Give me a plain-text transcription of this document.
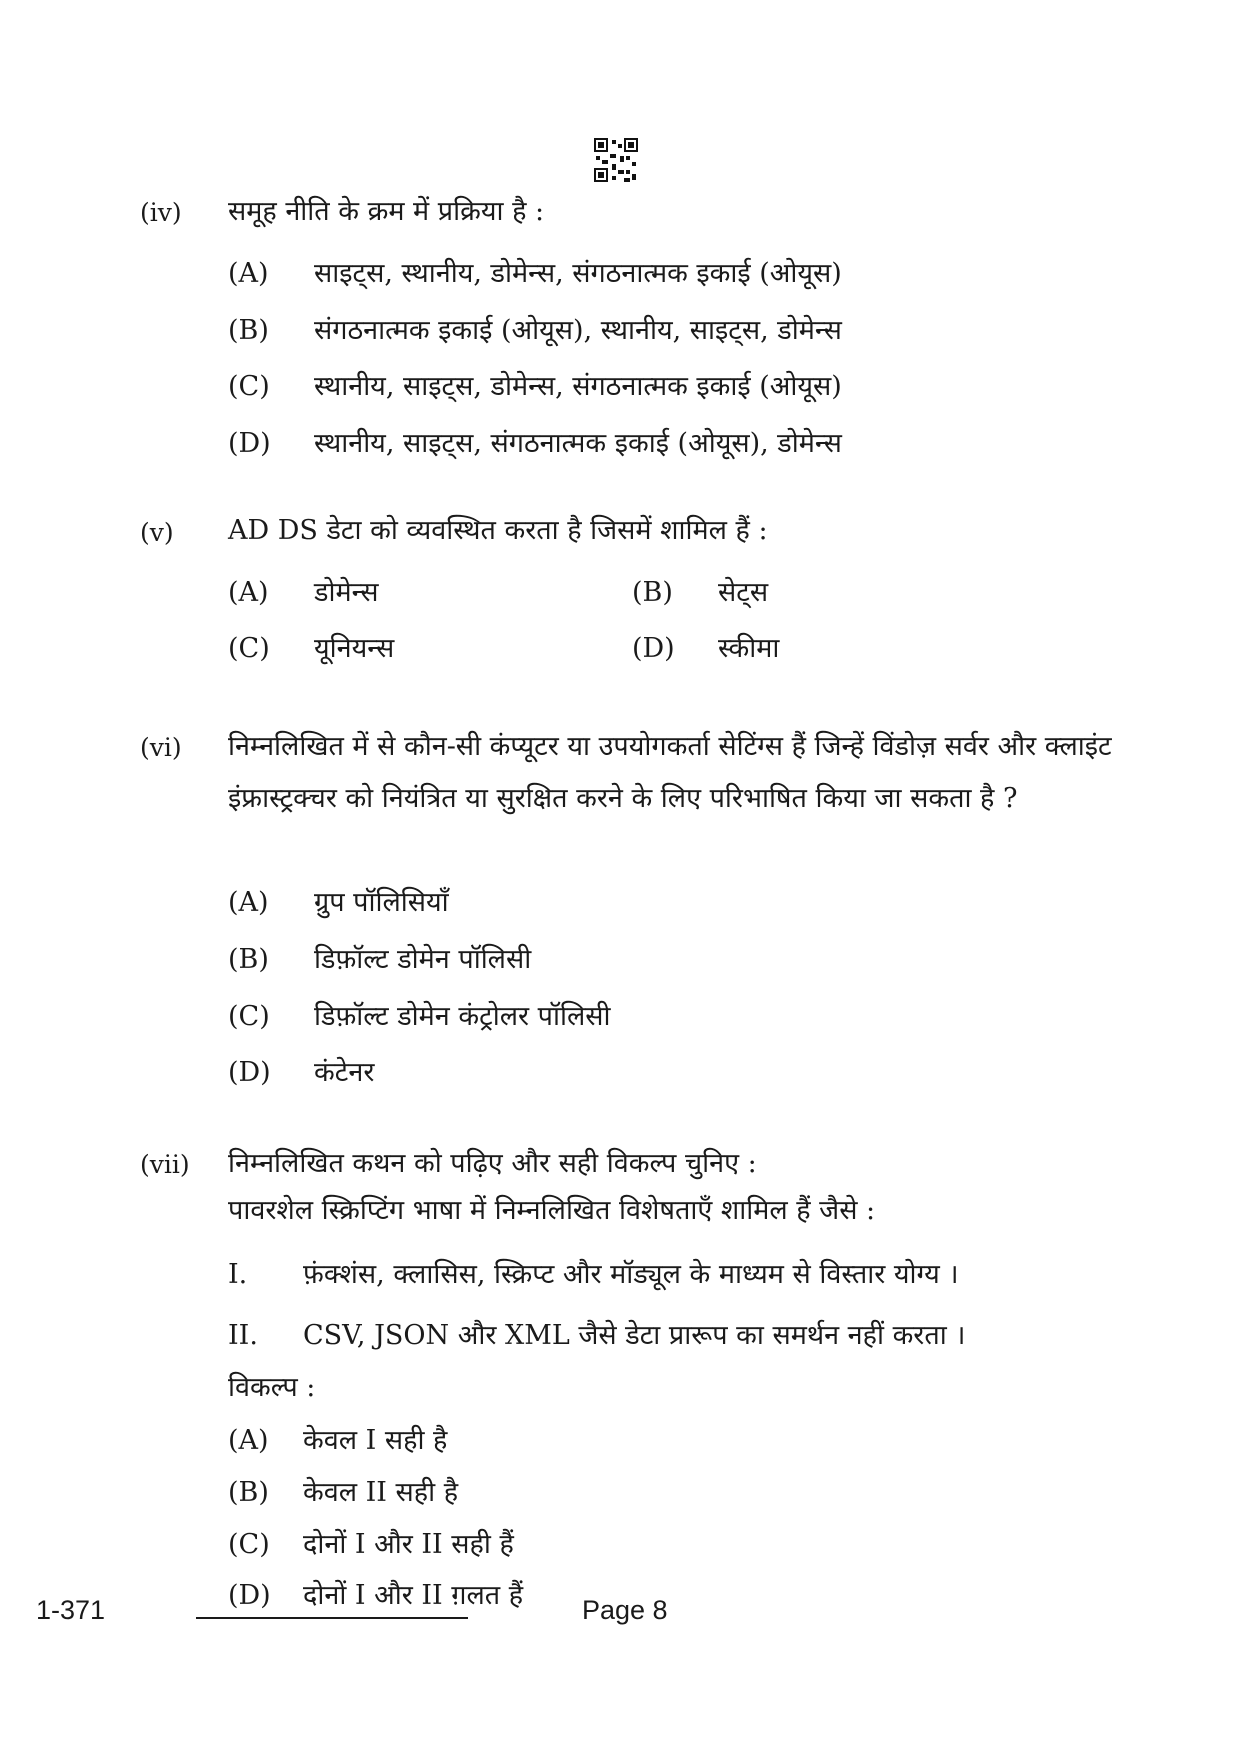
(iv) समूह नीति के क्रम में प्रक्रिया है :
(A) साइट्स, स्थानीय, डोमेन्स, संगठनात्मक इकाई (ओयूस)
(B) संगठनात्मक इकाई (ओयूस), स्थानीय, साइट्स, डोमेन्स
(C) स्थानीय, साइट्स, डोमेन्स, संगठनात्मक इकाई (ओयूस)
(D) स्थानीय, साइट्स, संगठनात्मक इकाई (ओयूस), डोमेन्स
(v) AD DS डेटा को व्यवस्थित करता है जिसमें शामिल हैं :
(A) डोमेन्स	(B) सेट्स
(C) यूनियन्स	(D) स्कीमा
(vi) निम्नलिखित में से कौन-सी कंप्यूटर या उपयोगकर्ता सेटिंग्स हैं जिन्हें विंडोज़ सर्वर और क्लाइंट इंफ्रास्ट्रक्चर को नियंत्रित या सुरक्षित करने के लिए परिभाषित किया जा सकता है ?
(A) ग्रुप पॉलिसियाँ
(B) डिफ़ॉल्ट डोमेन पॉलिसी
(C) डिफ़ॉल्ट डोमेन कंट्रोलर पॉलिसी
(D) कंटेनर
(vii) निम्नलिखित कथन को पढ़िए और सही विकल्प चुनिए :
पावरशेल स्क्रिप्टिंग भाषा में निम्नलिखित विशेषताएँ शामिल हैं जैसे :
I. फ़ंक्शंस, क्लासिस, स्क्रिप्ट और मॉड्यूल के माध्यम से विस्तार योग्य ।
II. CSV, JSON और XML जैसे डेटा प्रारूप का समर्थन नहीं करता ।
विकल्प :
(A) केवल I सही है
(B) केवल II सही है
(C) दोनों I और II सही हैं
(D) दोनों I और II ग़लत हैं
1-371	Page 8
